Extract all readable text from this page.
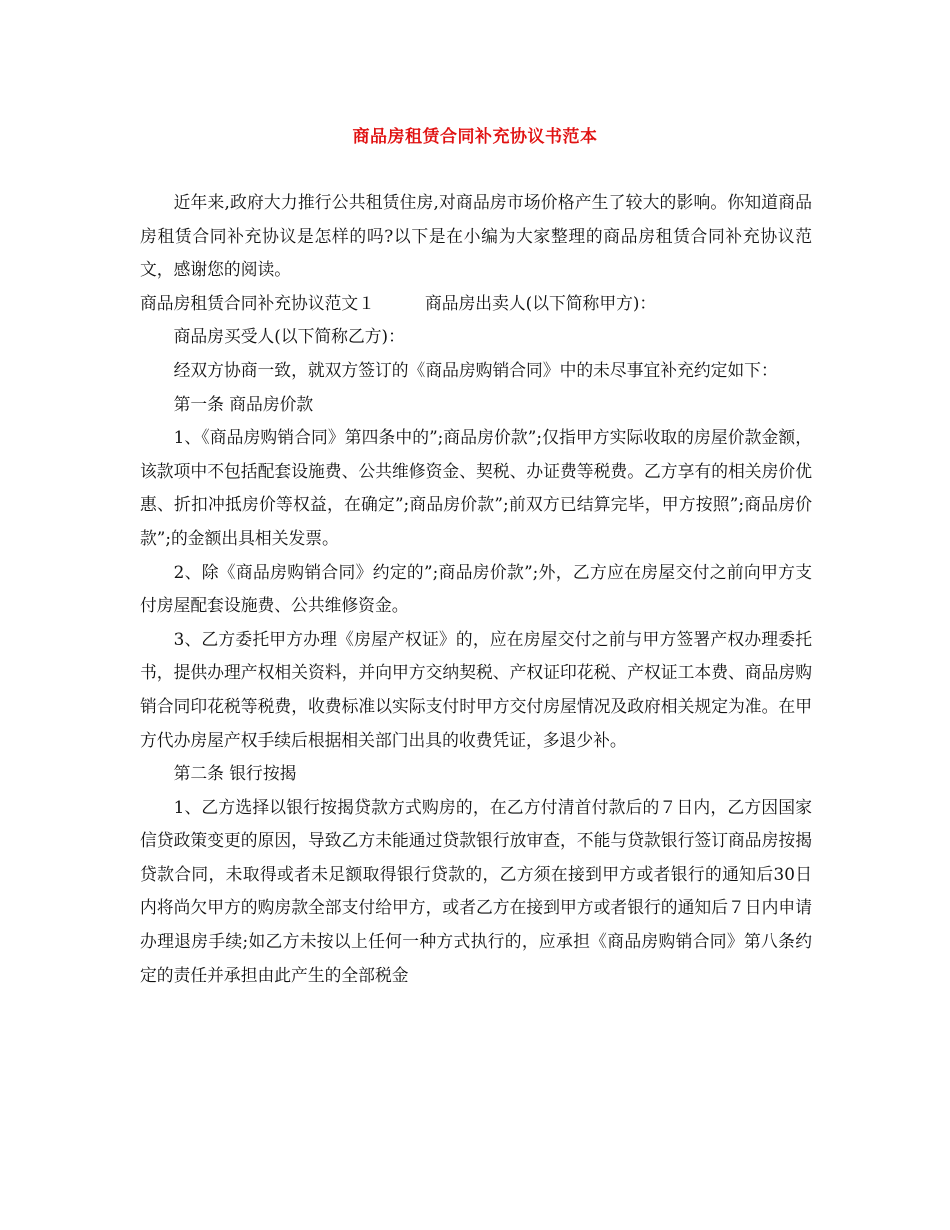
商品房租赁合同补充协议书范本

近年来,政府大力推行公共租赁住房,对商品房市场价格产生了较大的影响。你知道商品房租赁合同补充协议是怎样的吗?以下是在小编为大家整理的商品房租赁合同补充协议范文，感谢您的阅读。

商品房租赁合同补充协议范文１	商品房出卖人(以下简称甲方)：

商品房买受人(以下简称乙方)：

经双方协商一致，就双方签订的《商品房购销合同》中的未尽事宜补充约定如下：

第一条 商品房价款

1、《商品房购销合同》第四条中的”;商品房价款”;仅指甲方实际收取的房屋价款金额，该款项中不包括配套设施费、公共维修资金、契税、办证费等税费。乙方享有的相关房价优惠、折扣冲抵房价等权益，在确定”;商品房价款”;前双方已结算完毕，甲方按照”;商品房价款”;的金额出具相关发票。

2、除《商品房购销合同》约定的”;商品房价款”;外，乙方应在房屋交付之前向甲方支付房屋配套设施费、公共维修资金。

3、乙方委托甲方办理《房屋产权证》的，应在房屋交付之前与甲方签署产权办理委托书，提供办理产权相关资料，并向甲方交纳契税、产权证印花税、产权证工本费、商品房购销合同印花税等税费，收费标准以实际支付时甲方交付房屋情况及政府相关规定为准。在甲方代办房屋产权手续后根据相关部门出具的收费凭证，多退少补。

第二条 银行按揭

1、乙方选择以银行按揭贷款方式购房的，在乙方付清首付款后的７日内，乙方因国家信贷政策变更的原因，导致乙方未能通过贷款银行放审查，不能与贷款银行签订商品房按揭贷款合同，未取得或者未足额取得银行贷款的，乙方须在接到甲方或者银行的通知后30日内将尚欠甲方的购房款全部支付给甲方，或者乙方在接到甲方或者银行的通知后７日内申请办理退房手续;如乙方未按以上任何一种方式执行的，应承担《商品房购销合同》第八条约定的责任并承担由此产生的全部税金
